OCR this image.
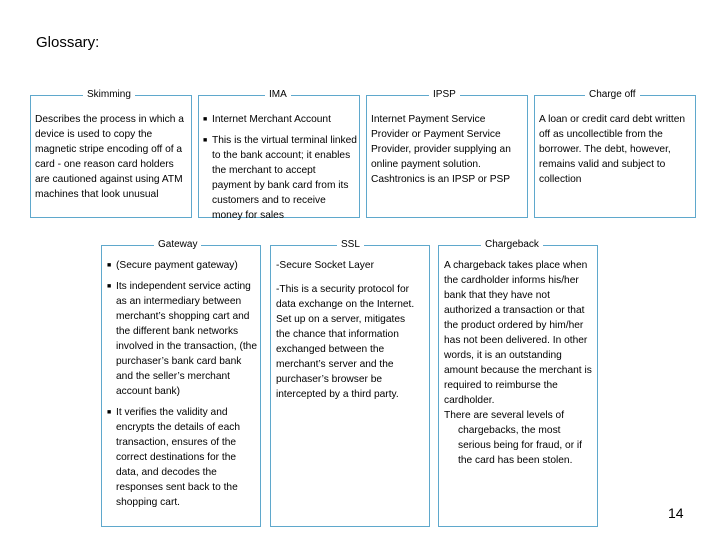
Glossary:
Skimming
Describes the process in which a device is used to copy the magnetic stripe encoding off of a card - one reason card holders are cautioned against using ATM machines that look unusual
IMA
■ Internet Merchant Account
■ This is the virtual terminal linked to the bank account; it enables the merchant to accept payment by bank card from its customers and to receive money for sales
IPSP
Internet Payment Service Provider or Payment Service Provider, provider supplying an online payment solution. Cashtronics is an IPSP or PSP
Charge off
A loan or credit card debt written off as uncollectible from the borrower. The debt, however, remains valid and subject to collection
Gateway
■ (Secure payment gateway)
■ Its independent service acting as an intermediary between merchant’s shopping cart and the different bank networks involved in the transaction, (the purchaser’s bank card bank and the seller’s merchant account bank)
■ It verifies the validity and encrypts the details of each transaction, ensures of the correct destinations for the data, and decodes the responses sent back to the shopping cart.
SSL

-Secure Socket Layer

-This is a security protocol for data exchange on the Internet. Set up on a server, mitigates the chance that information exchanged between the merchant’s server and the purchaser’s browser be intercepted by a third party.

Chargeback

A chargeback takes place when the cardholder informs his/her bank that they have not authorized a transaction or that the product ordered by him/her has not been delivered. In other words, it is an outstanding amount because the merchant is required to reimburse the cardholder.

There are several levels of

chargebacks, the most serious being for fraud, or if the card has been stolen.

14
